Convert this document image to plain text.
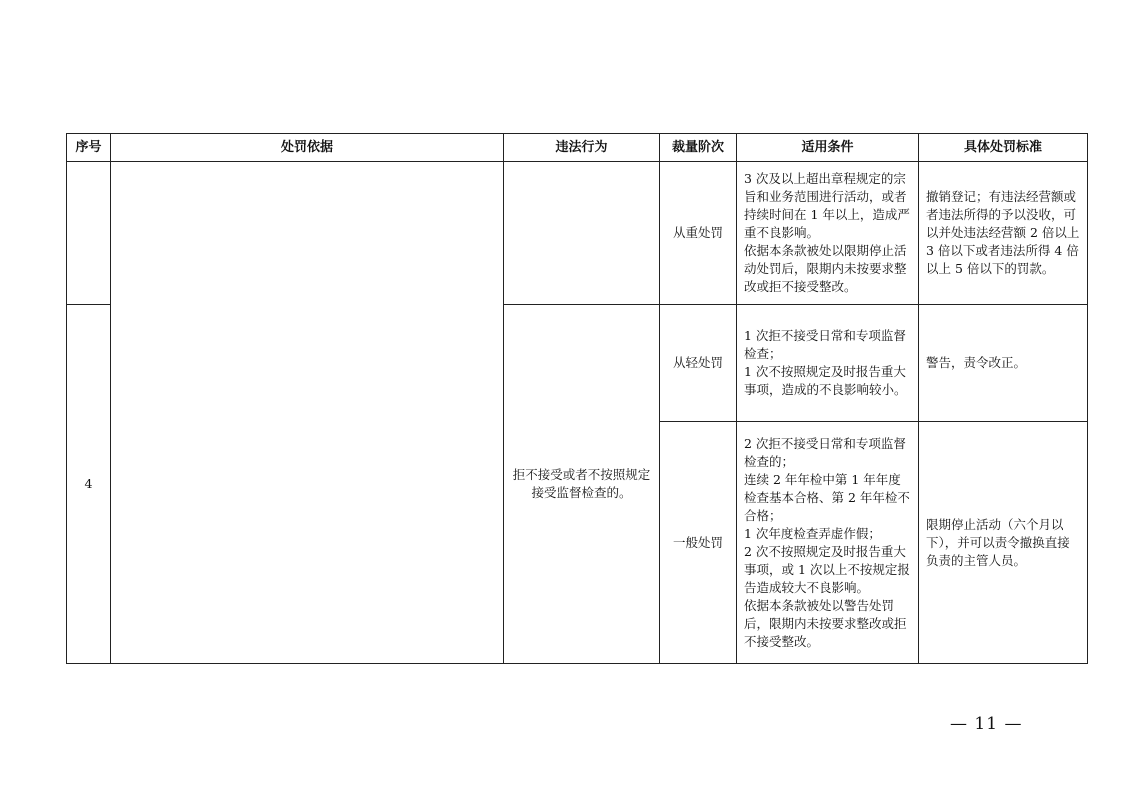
序号	处罚依据	违法行为	裁量阶次	适用条件	具体处罚标准
			从重处罚	3 次及以上超出章程规定的宗旨和业务范围进行活动，或者持续时间在 1 年以上，造成严重不良影响。
依据本条款被处以限期停止活动处罚后，限期内未按要求整改或拒不接受整改。	撤销登记；有违法经营额或者违法所得的予以没收，可以并处违法经营额 2 倍以上 3 倍以下或者违法所得 4 倍以上 5 倍以下的罚款。
4		拒不接受或者不按照规定接受监督检查的。	从轻处罚	1 次拒不接受日常和专项监督检查；
1 次不按照规定及时报告重大事项，造成的不良影响较小。	警告，责令改正。
			一般处罚	2 次拒不接受日常和专项监督检查的；
连续 2 年年检中第 1 年年度检查基本合格、第 2 年年检不合格；
1 次年度检查弄虚作假；
2 次不按照规定及时报告重大事项，或 1 次以上不按规定报告造成较大不良影响。
依据本条款被处以警告处罚后，限期内未按要求整改或拒不接受整改。	限期停止活动（六个月以下），并可以责令撤换直接负责的主管人员。
— 11 —
